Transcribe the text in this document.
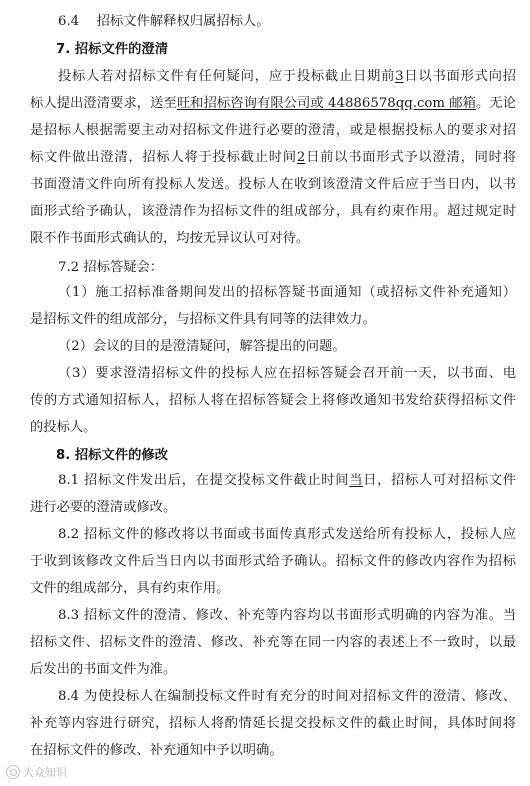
6.4　 招标文件解释权归属招标人。
7. 招标文件的澄清
投标人若对招标文件有任何疑问，应于投标截止日期前3日以书面形式向招
标人提出澄清要求，送至旺和招标咨询有限公司或 44886578qq.com 邮箱。无论
是招标人根据需要主动对招标文件进行必要的澄清，或是根据投标人的要求对招
标文件做出澄清，招标人将于投标截止时间2日前以书面形式予以澄清，同时将
书面澄清文件向所有投标人发送。投标人在收到该澄清文件后应于当日内，以书
面形式给予确认，该澄清作为招标文件的组成部分，具有约束作用。超过规定时
限不作书面形式确认的，均按无异议认可对待。
7.2 招标答疑会：
（1）施工招标准备期间发出的招标答疑书面通知（或招标文件补充通知）
是招标文件的组成部分，与招标文件具有同等的法律效力。
（2）会议的目的是澄清疑问，解答提出的问题。
（3）要求澄清招标文件的投标人应在招标答疑会召开前一天，以书面、电
传的方式通知招标人，招标人将在招标答疑会上将修改通知书发给获得招标文件
的投标人。
8. 招标文件的修改
8.1 招标文件发出后，在提交投标文件截止时间当日，招标人可对招标文件
进行必要的澄清或修改。
8.2 招标文件的修改将以书面或书面传真形式发送给所有投标人，投标人应
于收到该修改文件后当日内以书面形式给予确认。招标文件的修改内容作为招标
文件的组成部分，具有约束作用。
8.3 招标文件的澄清、修改、补充等内容均以书面形式明确的内容为准。当
招标文件、招标文件的澄清、修改、补充等在同一内容的表述上不一致时，以最
后发出的书面文件为准。
8.4 为使投标人在编制投标文件时有充分的时间对招标文件的澄清、修改、
补充等内容进行研究，招标人将酌情延长提交投标文件的截止时间，具体时间将
在招标文件的修改、补充通知中予以明确。
大众知识
